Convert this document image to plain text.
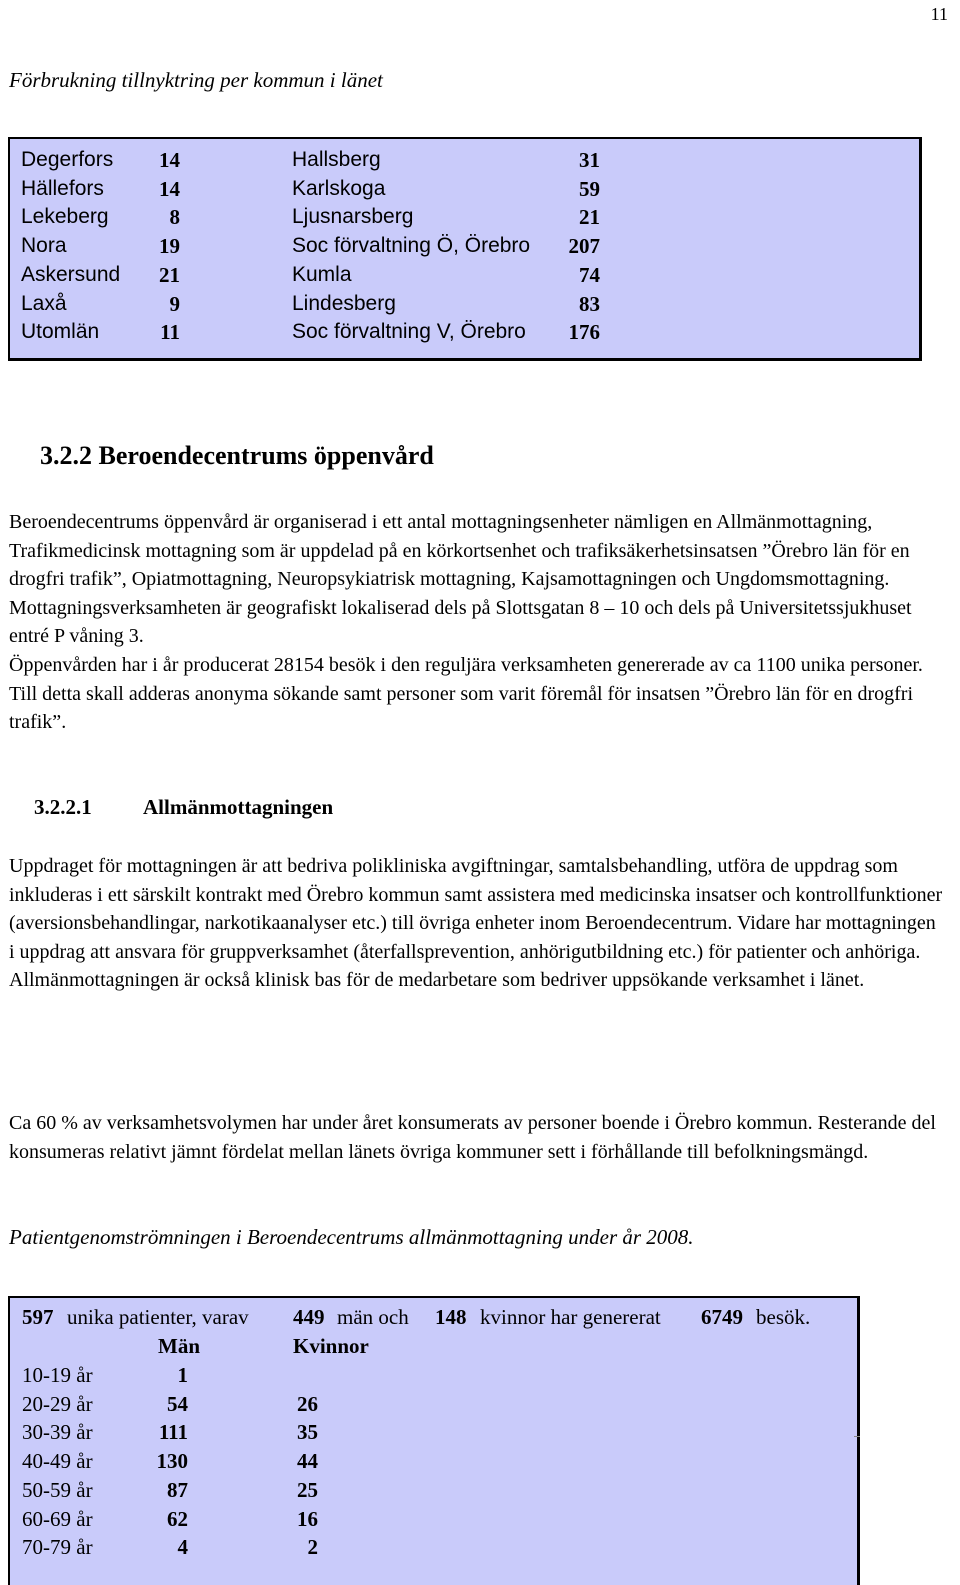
11
Förbrukning tillnyktring per kommun i länet
Degerfors	14	Hallsberg	31
Hällefors	14	Karlskoga	59
Lekeberg	8	Ljusnarsberg	21
Nora	19	Soc förvaltning Ö, Örebro	207
Askersund	21	Kumla	74
Laxå	9	Lindesberg	83
Utomlän	11	Soc förvaltning V, Örebro	176
3.2.2 Beroendecentrums öppenvård

Beroendecentrums öppenvård är organiserad i ett antal mottagningsenheter nämligen en Allmänmottagning, Trafikmedicinsk mottagning som är uppdelad på en körkortsenhet och trafiksäkerhetsinsatsen ”Örebro län för en drogfri trafik”, Opiatmottagning, Neuropsykiatrisk mottagning, Kajsamottagningen och Ungdomsmottagning.

Mottagningsverksamheten är geografiskt lokaliserad dels på Slottsgatan 8 – 10 och dels på Universitetssjukhuset entré P våning 3.

Öppenvården har i år producerat 28154 besök i den reguljära verksamheten genererade av ca 1100 unika personer. Till detta skall adderas anonyma sökande samt personer som varit föremål för insatsen ”Örebro län för en drogfri trafik”.

3.2.2.1 Allmänmottagningen

Uppdraget för mottagningen är att bedriva polikliniska avgiftningar, samtalsbehandling, utföra de uppdrag som inkluderas i ett särskilt kontrakt med Örebro kommun samt assistera med medicinska insatser och kontrollfunktioner (aversionsbehandlingar, narkotikaanalyser etc.) till övriga enheter inom Beroendecentrum. Vidare har mottagningen i uppdrag att ansvara för gruppverksamhet (återfallsprevention, anhörigutbildning etc.) för patienter och anhöriga.

Allmänmottagningen är också klinisk bas för de medarbetare som bedriver uppsökande verksamhet i länet.

Ca 60 % av verksamhetsvolymen har under året konsumerats av personer boende i Örebro kommun. Resterande del konsumeras relativt jämnt fördelat mellan länets övriga kommuner sett i förhållande till befolkningsmängd.

Patientgenomströmningen i Beroendecentrums allmänmottagning under år 2008.
597 unika patienter, varav 449 män och 148 kvinnor har genererat 6749 besök.
Män	Kvinnor
10-19 år	1
20-29 år	54	26
30-39 år	111	35
40-49 år	130	44
50-59 år	87	25
60-69 år	62	16
70-79 år	4	2
